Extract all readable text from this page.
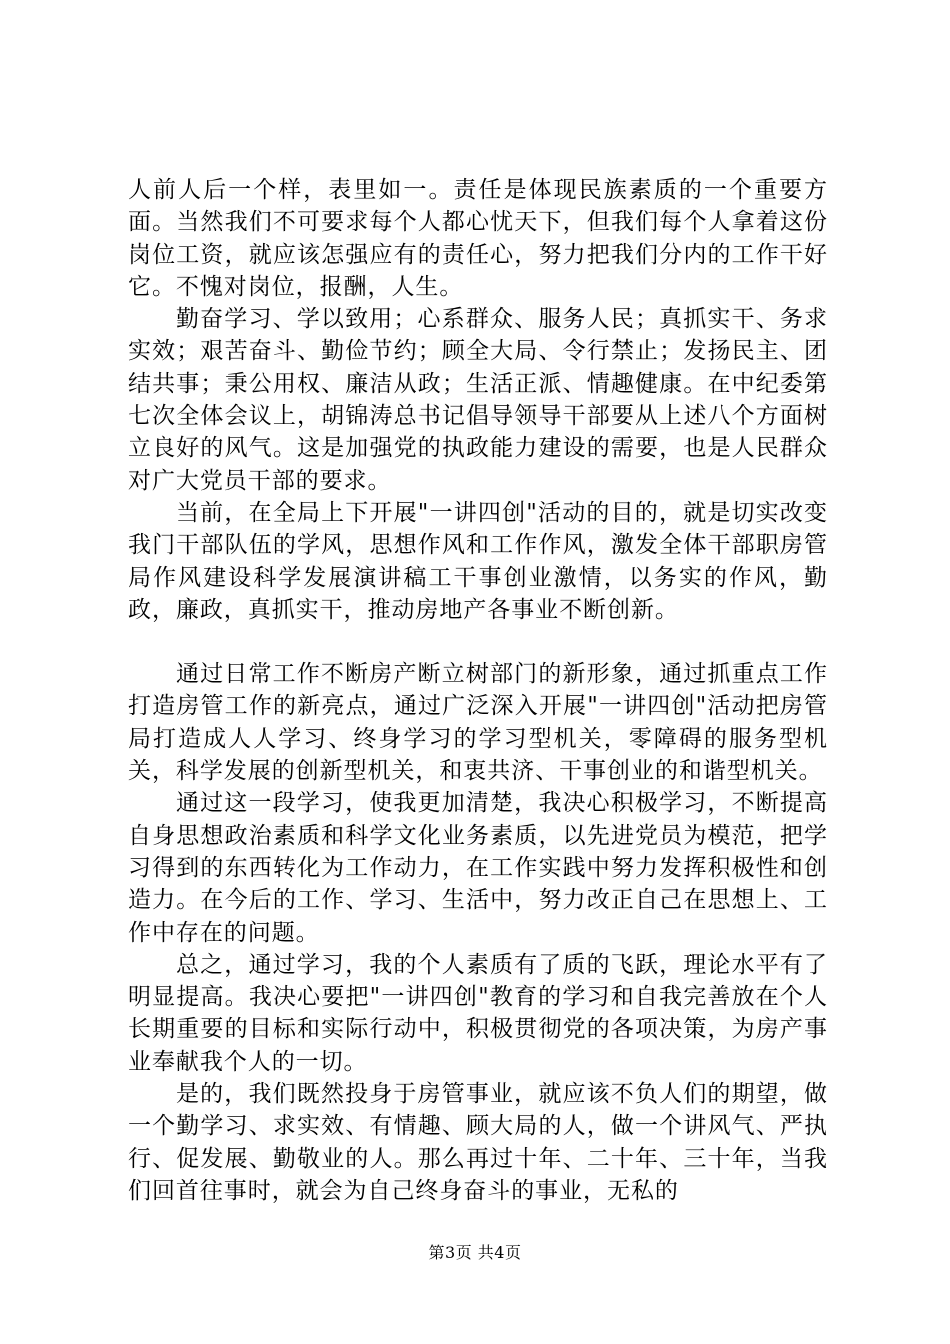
人前人后一个样，表里如一。责任是体现民族素质的一个重要方面。当然我们不可要求每个人都心忧天下，但我们每个人拿着这份岗位工资，就应该怎强应有的责任心，努力把我们分内的工作干好它。不愧对岗位，报酬，人生。

勤奋学习、学以致用；心系群众、服务人民；真抓实干、务求实效；艰苦奋斗、勤俭节约；顾全大局、令行禁止；发扬民主、团结共事；秉公用权、廉洁从政；生活正派、情趣健康。在中纪委第七次全体会议上，胡锦涛总书记倡导领导干部要从上述八个方面树立良好的风气。这是加强党的执政能力建设的需要，也是人民群众对广大党员干部的要求。

当前，在全局上下开展"一讲四创"活动的目的，就是切实改变我门干部队伍的学风，思想作风和工作作风，激发全体干部职房管局作风建设科学发展演讲稿工干事创业激情，以务实的作风，勤政，廉政，真抓实干，推动房地产各事业不断创新。

通过日常工作不断房产断立树部门的新形象，通过抓重点工作打造房管工作的新亮点，通过广泛深入开展"一讲四创"活动把房管局打造成人人学习、终身学习的学习型机关，零障碍的服务型机关，科学发展的创新型机关，和衷共济、干事创业的和谐型机关。

通过这一段学习，使我更加清楚，我决心积极学习，不断提高自身思想政治素质和科学文化业务素质，以先进党员为模范，把学习得到的东西转化为工作动力，在工作实践中努力发挥积极性和创造力。在今后的工作、学习、生活中，努力改正自己在思想上、工作中存在的问题。

总之，通过学习，我的个人素质有了质的飞跃，理论水平有了明显提高。我决心要把"一讲四创"教育的学习和自我完善放在个人长期重要的目标和实际行动中，积极贯彻党的各项决策，为房产事业奉献我个人的一切。

是的，我们既然投身于房管事业，就应该不负人们的期望，做一个勤学习、求实效、有情趣、顾大局的人，做一个讲风气、严执行、促发展、勤敬业的人。那么再过十年、二十年、三十年，当我们回首往事时，就会为自己终身奋斗的事业，无私的

第3页 共4页
